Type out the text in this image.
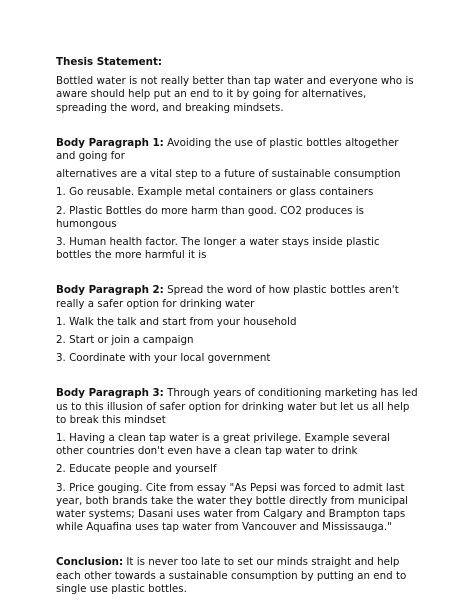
Thesis Statement:

Bottled water is not really better than tap water and everyone who is aware should help put an end to it by going for alternatives, spreading the word, and breaking mindsets.

Body Paragraph 1: Avoiding the use of plastic bottles altogether and going for

alternatives are a vital step to a future of sustainable consumption

1. Go reusable. Example metal containers or glass containers

2. Plastic Bottles do more harm than good. CO2 produces is humongous

3. Human health factor. The longer a water stays inside plastic bottles the more harmful it is

Body Paragraph 2: Spread the word of how plastic bottles aren't really a safer option for drinking water

1. Walk the talk and start from your household

2. Start or join a campaign

3. Coordinate with your local government

Body Paragraph 3: Through years of conditioning marketing has led us to this illusion of safer option for drinking water but let us all help to break this mindset

1. Having a clean tap water is a great privilege. Example several other countries don't even have a clean tap water to drink

2. Educate people and yourself

3. Price gouging. Cite from essay "As Pepsi was forced to admit last year, both brands take the water they bottle directly from municipal water systems; Dasani uses water from Calgary and Brampton taps while Aquafina uses tap water from Vancouver and Mississauga."

Conclusion: It is never too late to set our minds straight and help each other towards a sustainable consumption by putting an end to single use plastic bottles.
